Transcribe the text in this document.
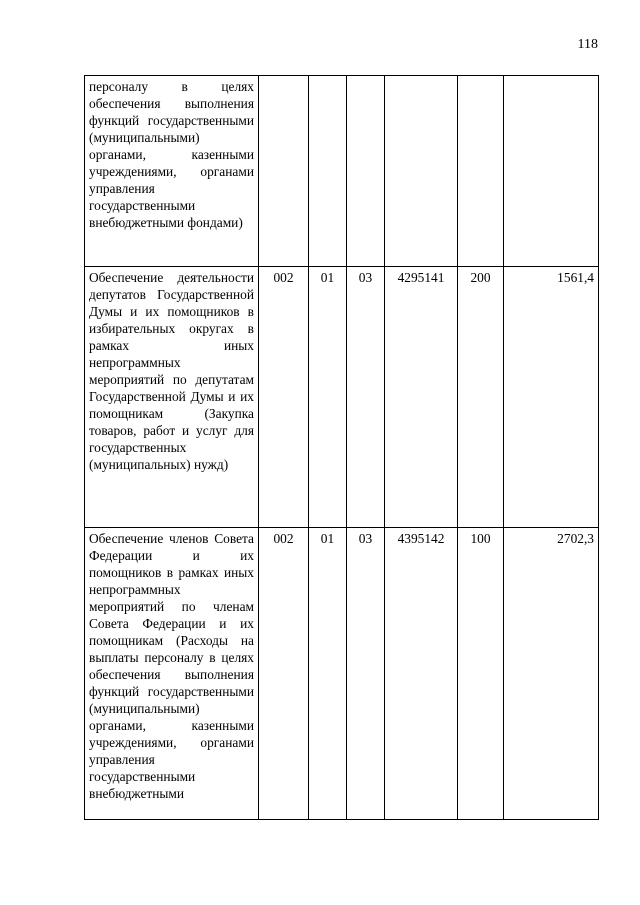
118
персоналу в целях обеспечения выполнения функций государственными (муниципальными) органами, казенными учреждениями, органами управления государственными внебюджетными фондами)						
Обеспечение деятельности депутатов Государственной Думы и их помощников в избирательных округах в рамках иных непрограммных мероприятий по депутатам Государственной Думы и их помощникам (Закупка товаров, работ и услуг для государственных (муниципальных) нужд)	002	01	03	4295141	200	1561,4
Обеспечение членов Совета Федерации и их помощников в рамках иных непрограммных мероприятий по членам Совета Федерации и их помощникам (Расходы на выплаты персоналу в целях обеспечения выполнения функций государственными (муниципальными) органами, казенными учреждениями, органами управления государственными внебюджетными	002	01	03	4395142	100	2702,3
